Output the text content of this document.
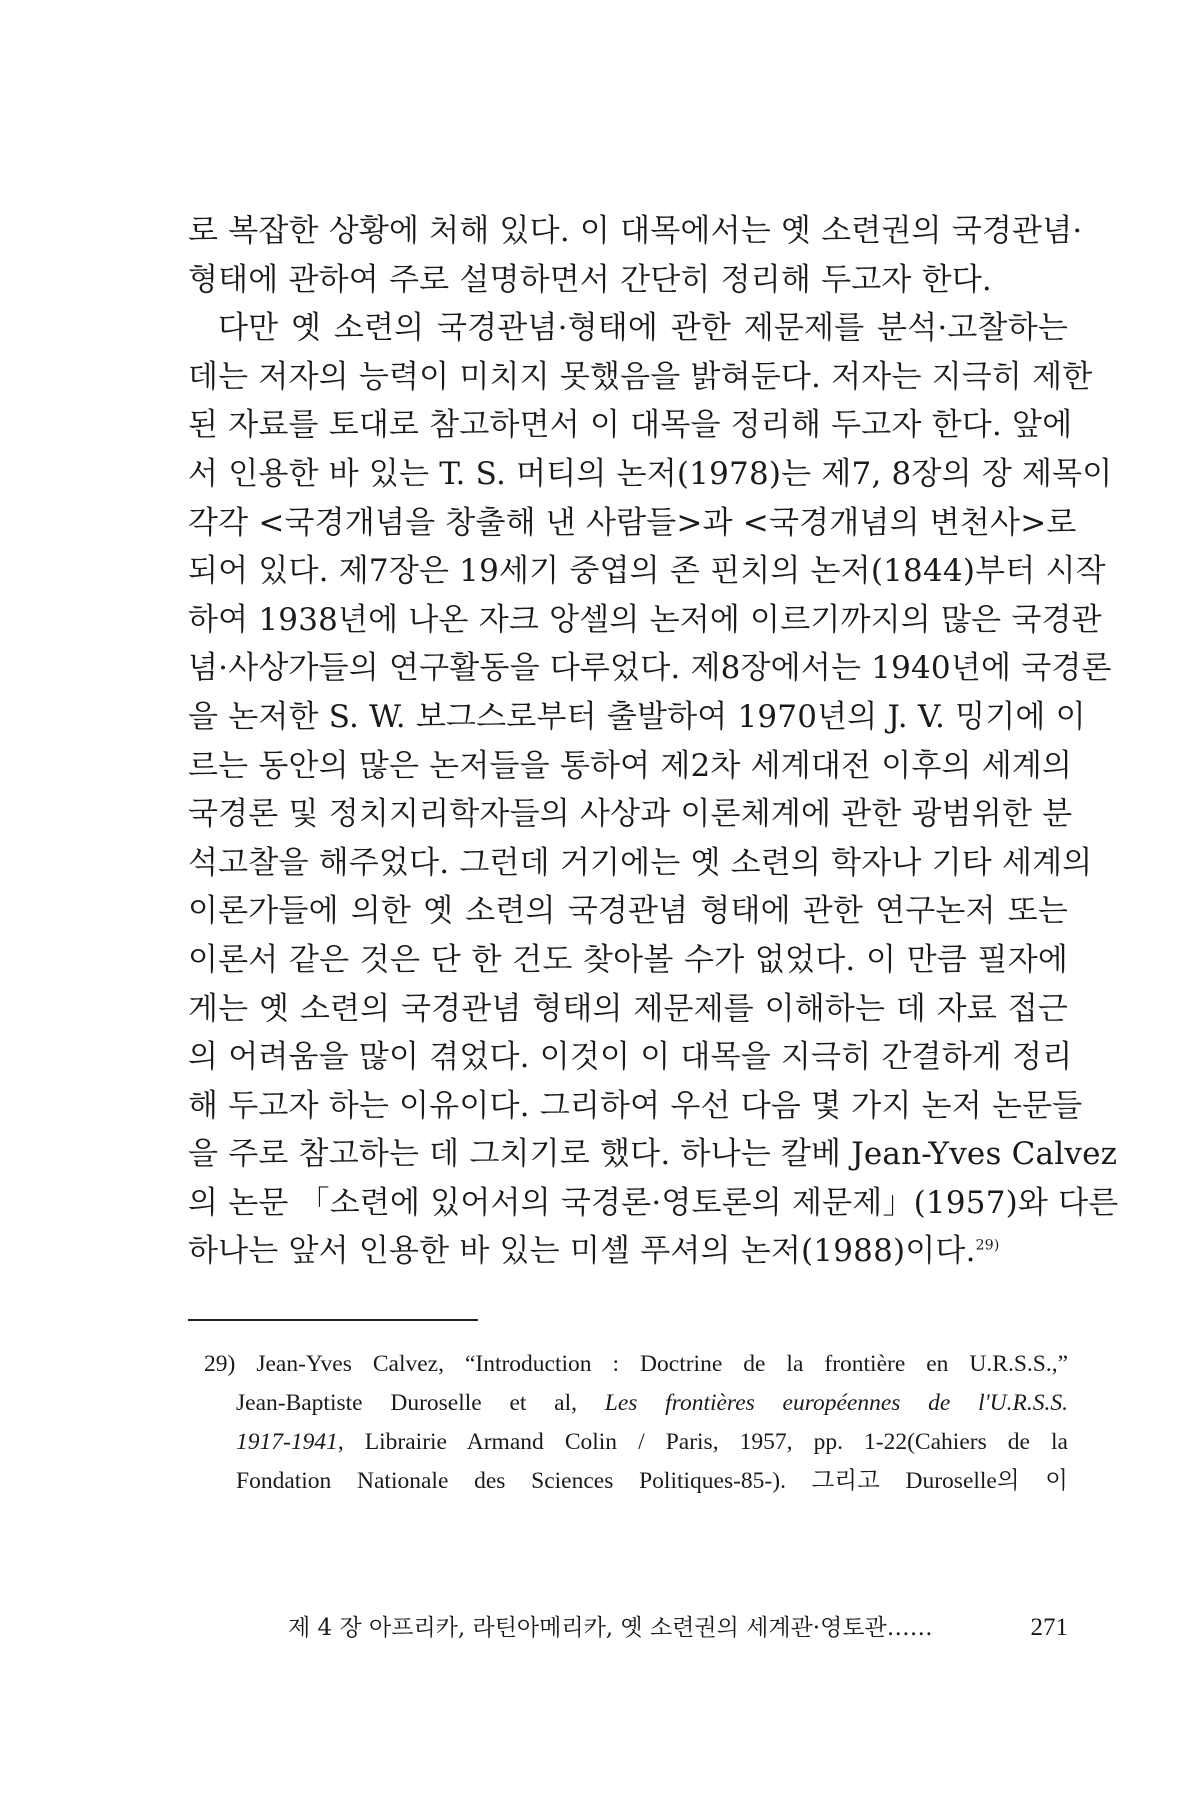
로 복잡한 상황에 처해 있다. 이 대목에서는 옛 소련권의 국경관념·

형태에 관하여 주로 설명하면서 간단히 정리해 두고자 한다.

다만 옛 소련의 국경관념·형태에 관한 제문제를 분석·고찰하는

데는 저자의 능력이 미치지 못했음을 밝혀둔다. 저자는 지극히 제한

된 자료를 토대로 참고하면서 이 대목을 정리해 두고자 한다. 앞에

서 인용한 바 있는 T. S. 머티의 논저(1978)는 제7, 8장의 장 제목이

각각 <국경개념을 창출해 낸 사람들>과 <국경개념의 변천사>로

되어 있다. 제7장은 19세기 중엽의 존 핀치의 논저(1844)부터 시작

하여 1938년에 나온 자크 앙셀의 논저에 이르기까지의 많은 국경관

념·사상가들의 연구활동을 다루었다. 제8장에서는 1940년에 국경론

을 논저한 S. W. 보그스로부터 출발하여 1970년의 J. V. 밍기에 이

르는 동안의 많은 논저들을 통하여 제2차 세계대전 이후의 세계의

국경론 및 정치지리학자들의 사상과 이론체계에 관한 광범위한 분

석고찰을 해주었다. 그런데 거기에는 옛 소련의 학자나 기타 세계의

이론가들에 의한 옛 소련의 국경관념 형태에 관한 연구논저 또는

이론서 같은 것은 단 한 건도 찾아볼 수가 없었다. 이 만큼 필자에

게는 옛 소련의 국경관념 형태의 제문제를 이해하는 데 자료 접근

의 어려움을 많이 겪었다. 이것이 이 대목을 지극히 간결하게 정리

해 두고자 하는 이유이다. 그리하여 우선 다음 몇 가지 논저 논문들

을 주로 참고하는 데 그치기로 했다. 하나는 칼베 Jean-Yves Calvez

의 논문 「소련에 있어서의 국경론·영토론의 제문제」(1957)와 다른

하나는 앞서 인용한 바 있는 미셸 푸셔의 논저(1988)이다.$^{29)}$

29) Jean-Yves Calvez, “Introduction : Doctrine de la frontière en U.R.S.S.,”
Jean-Baptiste Duroselle et al, Les frontières européennes de l'U.R.S.S.
1917-1941, Librairie Armand Colin / Paris, 1957, pp. 1-22(Cahiers de la
Fondation Nationale des Sciences Politiques-85-). 그리고 Duroselle의 이
제 4 장 아프리카, 라틴아메리카, 옛 소련권의 세계관·영토관……	271
